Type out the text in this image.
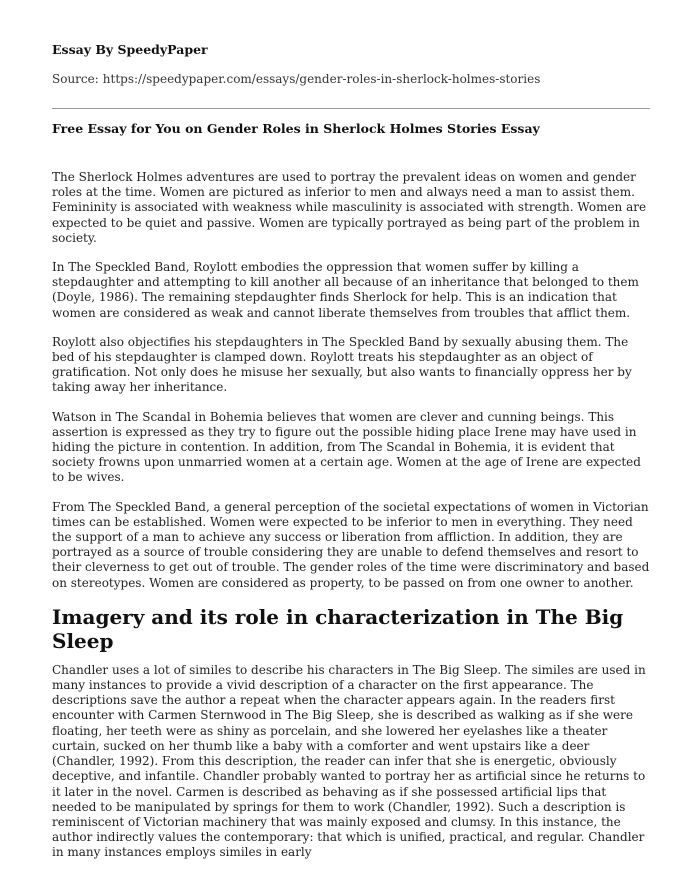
Essay By SpeedyPaper
Source: https://speedypaper.com/essays/gender-roles-in-sherlock-holmes-stories
Free Essay for You on Gender Roles in Sherlock Holmes Stories Essay

The Sherlock Holmes adventures are used to portray the prevalent ideas on women and gender roles at the time. Women are pictured as inferior to men and always need a man to assist them. Femininity is associated with weakness while masculinity is associated with strength. Women are expected to be quiet and passive. Women are typically portrayed as being part of the problem in society.

In The Speckled Band, Roylott embodies the oppression that women suffer by killing a stepdaughter and attempting to kill another all because of an inheritance that belonged to them (Doyle, 1986). The remaining stepdaughter finds Sherlock for help. This is an indication that women are considered as weak and cannot liberate themselves from troubles that afflict them.

Roylott also objectifies his stepdaughters in The Speckled Band by sexually abusing them. The bed of his stepdaughter is clamped down. Roylott treats his stepdaughter as an object of gratification. Not only does he misuse her sexually, but also wants to financially oppress her by taking away her inheritance.

Watson in The Scandal in Bohemia believes that women are clever and cunning beings. This assertion is expressed as they try to figure out the possible hiding place Irene may have used in hiding the picture in contention. In addition, from The Scandal in Bohemia, it is evident that society frowns upon unmarried women at a certain age. Women at the age of Irene are expected to be wives.

From The Speckled Band, a general perception of the societal expectations of women in Victorian times can be established. Women were expected to be inferior to men in everything. They need the support of a man to achieve any success or liberation from affliction. In addition, they are portrayed as a source of trouble considering they are unable to defend themselves and resort to their cleverness to get out of trouble. The gender roles of the time were discriminatory and based on stereotypes. Women are considered as property, to be passed on from one owner to another.

Imagery and its role in characterization in The Big Sleep

Chandler uses a lot of similes to describe his characters in The Big Sleep. The similes are used in many instances to provide a vivid description of a character on the first appearance. The descriptions save the author a repeat when the character appears again. In the readers first encounter with Carmen Sternwood in The Big Sleep, she is described as walking as if she were floating, her teeth were as shiny as porcelain, and she lowered her eyelashes like a theater curtain, sucked on her thumb like a baby with a comforter and went upstairs like a deer (Chandler, 1992). From this description, the reader can infer that she is energetic, obviously deceptive, and infantile. Chandler probably wanted to portray her as artificial since he returns to it later in the novel. Carmen is described as behaving as if she possessed artificial lips that needed to be manipulated by springs for them to work (Chandler, 1992). Such a description is reminiscent of Victorian machinery that was mainly exposed and clumsy. In this instance, the author indirectly values the contemporary: that which is unified, practical, and regular. Chandler in many instances employs similes in early
